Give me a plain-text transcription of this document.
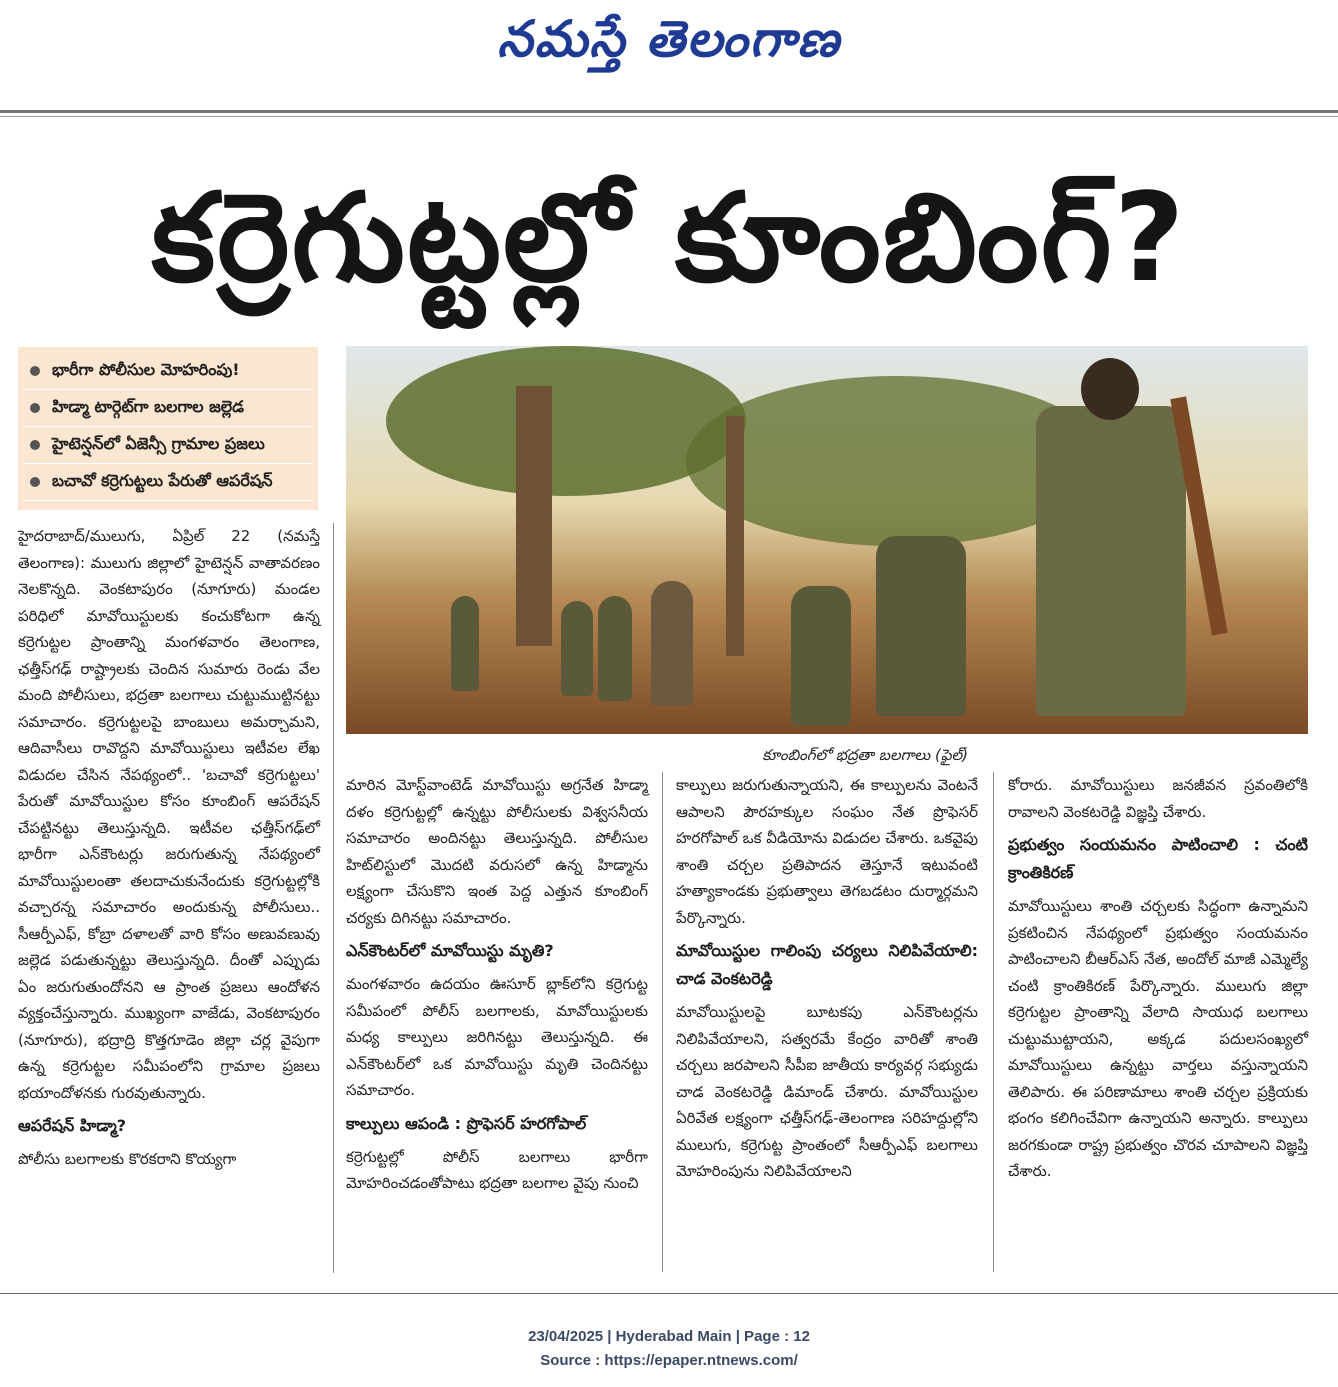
నమస్తే తెలంగాణ
కర్రెగుట్టల్లో కూంబింగ్?
భారీగా పోలీసుల మోహరింపు!
హిడ్మా టార్గెట్‌గా బలగాల జల్లెడ
హైటెన్షన్‌లో ఏజెన్సీ గ్రామాల ప్రజలు
బచావో కర్రెగుట్టలు పేరుతో ఆపరేషన్
కూంబింగ్‌లో భద్రతా బలగాలు (ఫైల్)

హైదరాబాద్/ములుగు, ఏప్రిల్ 22 (నమస్తే తెలంగాణ): ములుగు జిల్లాలో హైటెన్షన్ వాతావరణం నెలకొన్నది. వెంకటాపురం (నూగూరు) మండల పరిధిలో మావోయిస్టులకు కంచుకోటగా ఉన్న కర్రెగుట్టల ప్రాంతాన్ని మంగళవారం తెలంగాణ, ఛత్తీస్‌గఢ్ రాష్ట్రాలకు చెందిన సుమారు రెండు వేల మంది పోలీసులు, భద్రతా బలగాలు చుట్టుముట్టినట్టు సమాచారం. కర్రెగుట్టలపై బాంబులు అమర్చామని, ఆదివాసీలు రావొద్దని మావోయిస్టులు ఇటీవల లేఖ విడుదల చేసిన నేపథ్యంలో.. 'బచావో కర్రెగుట్టలు' పేరుతో మావోయిస్టుల కోసం కూంబింగ్ ఆపరేషన్ చేపట్టినట్టు తెలుస్తున్నది. ఇటీవల ఛత్తీస్‌గఢ్‌లో భారీగా ఎన్‌కౌంటర్లు జరుగుతున్న నేపథ్యంలో మావోయిస్టులంతా తలదాచుకునేందుకు కర్రెగుట్టల్లోకి వచ్చారన్న సమాచారం అందుకున్న పోలీసులు.. సీఆర్పీఎఫ్, కోబ్రా దళాలతో వారి కోసం అణువణువు జల్లెడ పడుతున్నట్టు తెలుస్తున్నది. దీంతో ఎప్పుడు ఏం జరుగుతుందోనని ఆ ప్రాంత ప్రజలు ఆందోళన వ్యక్తంచేస్తున్నారు. ముఖ్యంగా వాజేడు, వెంకటాపురం (నూగూరు), భద్రాద్రి కొత్తగూడెం జిల్లా చర్ల వైపుగా ఉన్న కర్రెగుట్టల సమీపంలోని గ్రామాల ప్రజలు భయాందోళనకు గురవుతున్నారు.

ఆపరేషన్ హిడ్మా?

పోలీసు బలగాలకు కొరకరాని కొయ్యగా

మారిన మోస్ట్‌వాంటెడ్ మావోయిస్టు అగ్రనేత హిడ్మా దళం కర్రెగుట్టల్లో ఉన్నట్టు పోలీసులకు విశ్వసనీయ సమాచారం అందినట్టు తెలుస్తున్నది. పోలీసుల హిట్‌లిస్టులో మొదటి వరుసలో ఉన్న హిడ్మాను లక్ష్యంగా చేసుకొని ఇంత పెద్ద ఎత్తున కూంబింగ్ చర్యకు దిగినట్టు సమాచారం.

ఎన్‌కౌంటర్‌లో మావోయిస్టు మృతి?

మంగళవారం ఉదయం ఊసూర్ బ్లాక్‌లోని కర్రెగుట్ట సమీపంలో పోలీస్ బలగాలకు, మావోయిస్టులకు మధ్య కాల్పులు జరిగినట్టు తెలుస్తున్నది. ఈ ఎన్‌కౌంటర్‌లో ఒక మావోయిస్టు మృతి చెందినట్టు సమాచారం.

కాల్పులు ఆపండి : ప్రొఫెసర్ హరగోపాల్

కర్రెగుట్టల్లో పోలీస్ బలగాలు భారీగా మోహరించడంతోపాటు భద్రతా బలగాల వైపు నుంచి

కాల్పులు జరుగుతున్నాయని, ఈ కాల్పులను వెంటనే ఆపాలని పౌరహక్కుల సంఘం నేత ప్రొఫెసర్ హరగోపాల్ ఒక వీడియోను విడుదల చేశారు. ఒకవైపు శాంతి చర్చల ప్రతిపాదన తెస్తూనే ఇటువంటి హత్యాకాండకు ప్రభుత్వాలు తెగబడటం దుర్మార్గమని పేర్కొన్నారు.

మావోయిస్టుల గాలింపు చర్యలు నిలిపివేయాలి: చాడ వెంకటరెడ్డి

మావోయిస్టులపై బూటకపు ఎన్‌కౌంటర్లను నిలిపివేయాలని, సత్వరమే కేంద్రం వారితో శాంతి చర్చలు జరపాలని సీపీఐ జాతీయ కార్యవర్గ సభ్యుడు చాడ వెంకటరెడ్డి డిమాండ్ చేశారు. మావోయిస్టుల ఏరివేత లక్ష్యంగా ఛత్తీస్‌గఢ్-తెలంగాణ సరిహద్దుల్లోని ములుగు, కర్రెగుట్ట ప్రాంతంలో సీఆర్పీఎఫ్ బలగాలు మోహరింపును నిలిపివేయాలని

కోరారు. మావోయిస్టులు జనజీవన స్రవంతిలోకి రావాలని వెంకటరెడ్డి విజ్ఞప్తి చేశారు.

ప్రభుత్వం సంయమనం పాటించాలి : చంటి క్రాంతికిరణ్

మావోయిస్టులు శాంతి చర్చలకు సిద్ధంగా ఉన్నామని ప్రకటించిన నేపథ్యంలో ప్రభుత్వం సంయమనం పాటించాలని బీఆర్‌ఎస్ నేత, అందోల్ మాజీ ఎమ్మెల్యే చంటి క్రాంతికిరణ్ పేర్కొన్నారు. ములుగు జిల్లా కర్రెగుట్టల ప్రాంతాన్ని వేలాది సాయుధ బలగాలు చుట్టుముట్టాయని, అక్కడ పదులసంఖ్యలో మావోయిస్టులు ఉన్నట్టు వార్తలు వస్తున్నాయని తెలిపారు. ఈ పరిణామాలు శాంతి చర్చల ప్రక్రియకు భంగం కలిగించేవిగా ఉన్నాయని అన్నారు. కాల్పులు జరగకుండా రాష్ట్ర ప్రభుత్వం చొరవ చూపాలని విజ్ఞప్తి చేశారు.

23/04/2025 | Hyderabad Main | Page : 12
Source : https://epaper.ntnews.com/
